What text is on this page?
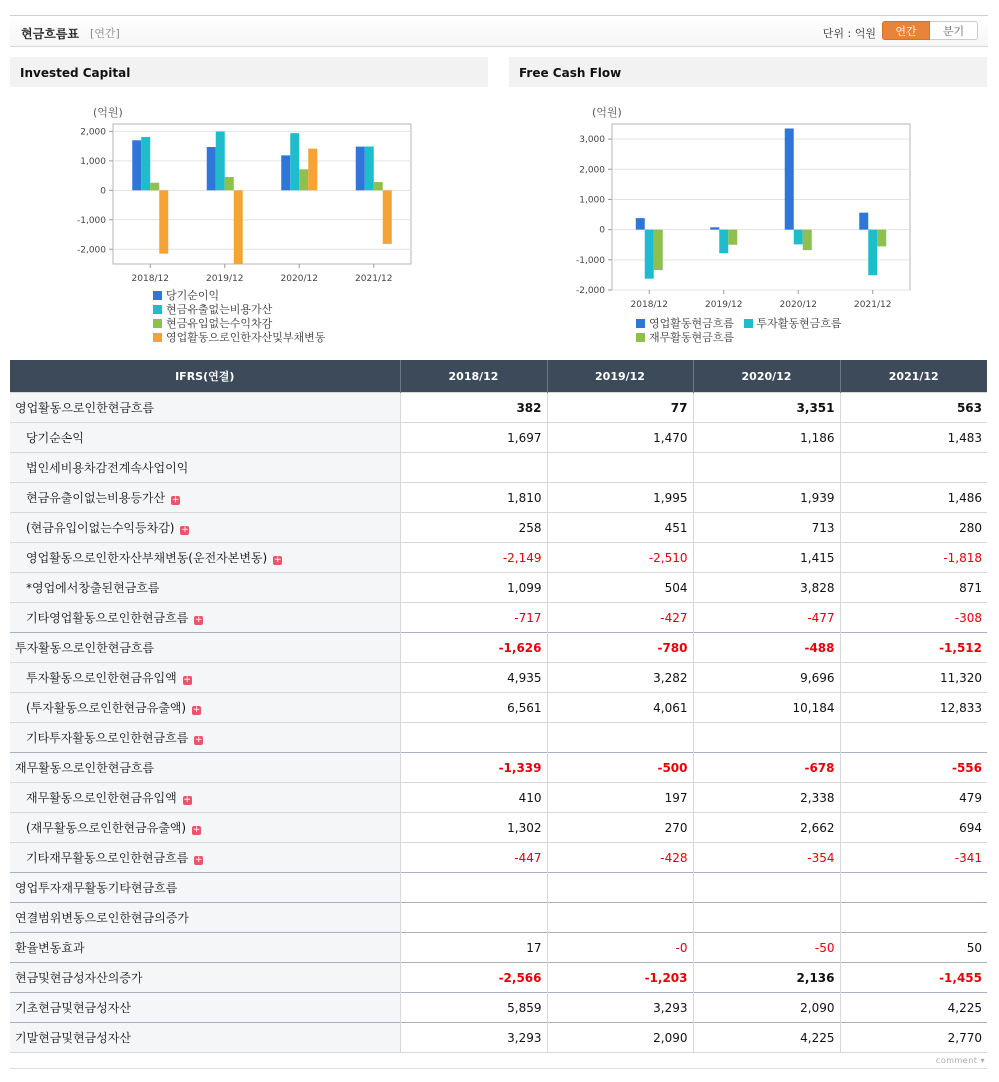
현금흐름표 [연간]	단위 : 억원	연간	분기
Invested Capital	Free Cash Flow
(억원)
2,000
1,000
0
-1,000
-2,000
2018/12	2019/12	2020/12	2021/12
(억원)
3,000
2,000
1,000
0
-1,000
-2,000
2018/12	2019/12	2020/12	2021/12
당기순이익
현금유출없는비용가산
현금유입없는수익차감
영업활동으로인한자산및부채변동
영업활동현금흐름 투자활동현금흐름
재무활동현금흐름
IFRS(연결)	2018/12	2019/12	2020/12	2021/12
영업활동으로인한현금흐름	382	77	3,351	563
당기순손익	1,697	1,470	1,186	1,483
법인세비용차감전계속사업이익				
현금유출이없는비용등가산 +	1,810	1,995	1,939	1,486
(현금유입이없는수익등차감) +	258	451	713	280
영업활동으로인한자산부채변동(운전자본변동) +	-2,149	-2,510	1,415	-1,818
*영업에서창출된현금흐름	1,099	504	3,828	871
기타영업활동으로인한현금흐름 +	-717	-427	-477	-308
투자활동으로인한현금흐름	-1,626	-780	-488	-1,512
투자활동으로인한현금유입액 +	4,935	3,282	9,696	11,320
(투자활동으로인한현금유출액) +	6,561	4,061	10,184	12,833
기타투자활동으로인한현금흐름 +				
재무활동으로인한현금흐름	-1,339	-500	-678	-556
재무활동으로인한현금유입액 +	410	197	2,338	479
(재무활동으로인한현금유출액) +	1,302	270	2,662	694
기타재무활동으로인한현금흐름 +	-447	-428	-354	-341
영업투자재무활동기타현금흐름				
연결범위변동으로인한현금의증가				
환율변동효과	17	-0	-50	50
현금및현금성자산의증가	-2,566	-1,203	2,136	-1,455
기초현금및현금성자산	5,859	3,293	2,090	4,225
기말현금및현금성자산	3,293	2,090	4,225	2,770
comment ▾
